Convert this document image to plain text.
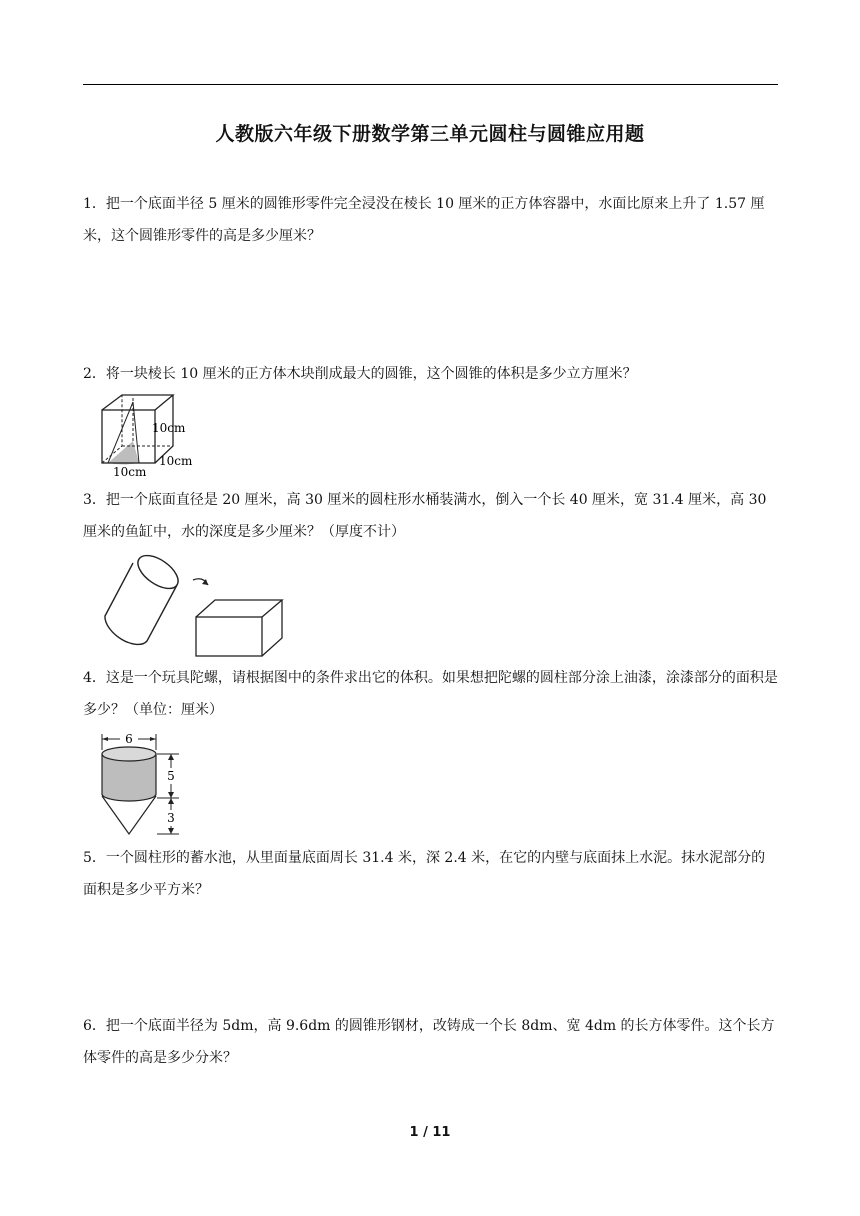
人教版六年级下册数学第三单元圆柱与圆锥应用题

1．把一个底面半径 5 厘米的圆锥形零件完全浸没在棱长 10 厘米的正方体容器中，水面比原来上升了 1.57 厘米，这个圆锥形零件的高是多少厘米？

2．将一块棱长 10 厘米的正方体木块削成最大的圆锥，这个圆锥的体积是多少立方厘米？

10cm
10cm
10cm

3．把一个底面直径是 20 厘米，高 30 厘米的圆柱形水桶装满水，倒入一个长 40 厘米，宽 31.4 厘米，高 30 厘米的鱼缸中，水的深度是多少厘米？（厚度不计）

4．这是一个玩具陀螺，请根据图中的条件求出它的体积。如果想把陀螺的圆柱部分涂上油漆，涂漆部分的面积是多少？（单位：厘米）

6
5
3

5．一个圆柱形的蓄水池，从里面量底面周长 31.4 米，深 2.4 米，在它的内壁与底面抹上水泥。抹水泥部分的面积是多少平方米？

6．把一个底面半径为 5dm，高 9.6dm 的圆锥形钢材，改铸成一个长 8dm、宽 4dm 的长方体零件。这个长方体零件的高是多少分米？

1 / 11
